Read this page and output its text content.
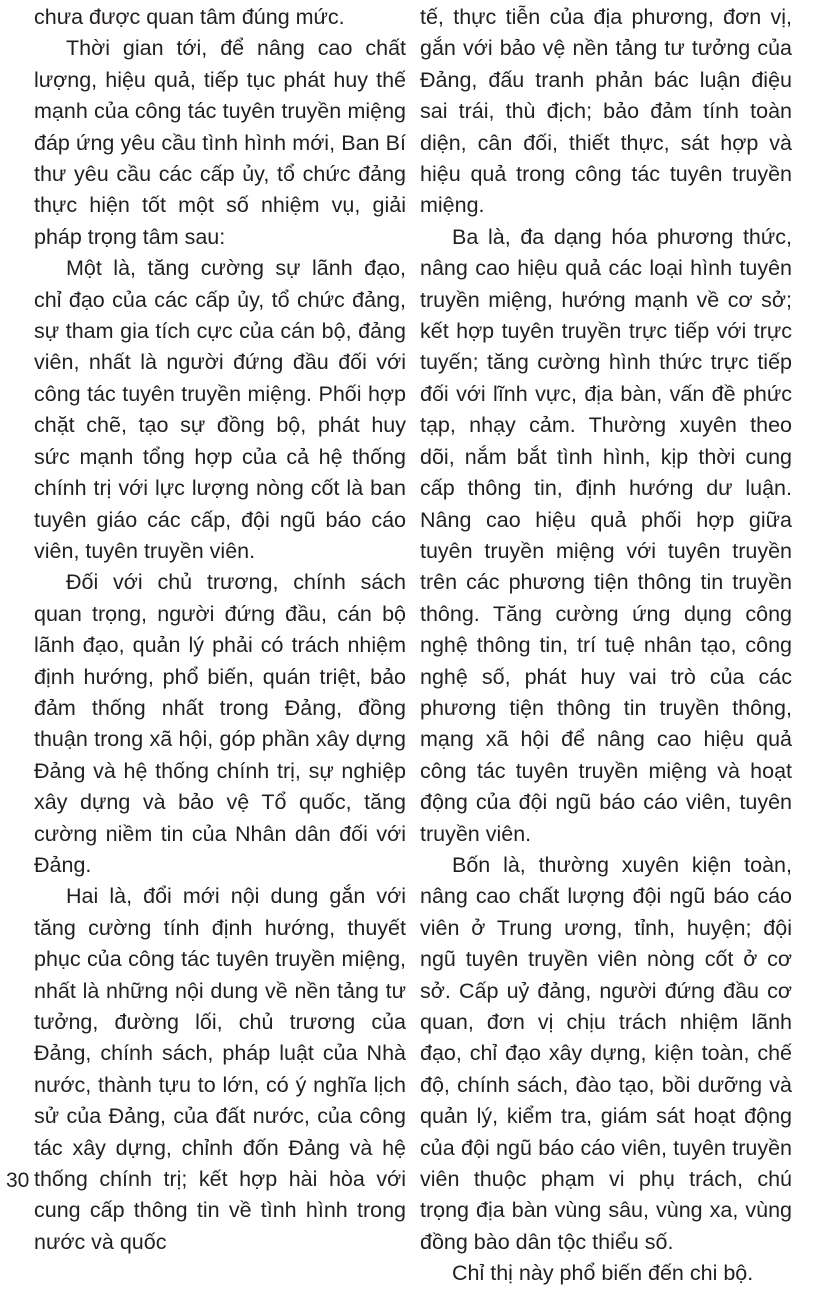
chưa được quan tâm đúng mức.

Thời gian tới, để nâng cao chất lượng, hiệu quả, tiếp tục phát huy thế mạnh của công tác tuyên truyền miệng đáp ứng yêu cầu tình hình mới, Ban Bí thư yêu cầu các cấp ủy, tổ chức đảng thực hiện tốt một số nhiệm vụ, giải pháp trọng tâm sau:

Một là, tăng cường sự lãnh đạo, chỉ đạo của các cấp ủy, tổ chức đảng, sự tham gia tích cực của cán bộ, đảng viên, nhất là người đứng đầu đối với công tác tuyên truyền miệng. Phối hợp chặt chẽ, tạo sự đồng bộ, phát huy sức mạnh tổng hợp của cả hệ thống chính trị với lực lượng nòng cốt là ban tuyên giáo các cấp, đội ngũ báo cáo viên, tuyên truyền viên.

Đối với chủ trương, chính sách quan trọng, người đứng đầu, cán bộ lãnh đạo, quản lý phải có trách nhiệm định hướng, phổ biến, quán triệt, bảo đảm thống nhất trong Đảng, đồng thuận trong xã hội, góp phần xây dựng Đảng và hệ thống chính trị, sự nghiệp xây dựng và bảo vệ Tổ quốc, tăng cường niềm tin của Nhân dân đối với Đảng.

Hai là, đổi mới nội dung gắn với tăng cường tính định hướng, thuyết phục của công tác tuyên truyền miệng, nhất là những nội dung về nền tảng tư tưởng, đường lối, chủ trương của Đảng, chính sách, pháp luật của Nhà nước, thành tựu to lớn, có ý nghĩa lịch sử của Đảng, của đất nước, của công tác xây dựng, chỉnh đốn Đảng và hệ thống chính trị; kết hợp hài hòa với cung cấp thông tin về tình hình trong nước và quốc

tế, thực tiễn của địa phương, đơn vị, gắn với bảo vệ nền tảng tư tưởng của Đảng, đấu tranh phản bác luận điệu sai trái, thù địch; bảo đảm tính toàn diện, cân đối, thiết thực, sát hợp và hiệu quả trong công tác tuyên truyền miệng.

Ba là, đa dạng hóa phương thức, nâng cao hiệu quả các loại hình tuyên truyền miệng, hướng mạnh về cơ sở; kết hợp tuyên truyền trực tiếp với trực tuyến; tăng cường hình thức trực tiếp đối với lĩnh vực, địa bàn, vấn đề phức tạp, nhạy cảm. Thường xuyên theo dõi, nắm bắt tình hình, kịp thời cung cấp thông tin, định hướng dư luận. Nâng cao hiệu quả phối hợp giữa tuyên truyền miệng với tuyên truyền trên các phương tiện thông tin truyền thông. Tăng cường ứng dụng công nghệ thông tin, trí tuệ nhân tạo, công nghệ số, phát huy vai trò của các phương tiện thông tin truyền thông, mạng xã hội để nâng cao hiệu quả công tác tuyên truyền miệng và hoạt động của đội ngũ báo cáo viên, tuyên truyền viên.

Bốn là, thường xuyên kiện toàn, nâng cao chất lượng đội ngũ báo cáo viên ở Trung ương, tỉnh, huyện; đội ngũ tuyên truyền viên nòng cốt ở cơ sở. Cấp uỷ đảng, người đứng đầu cơ quan, đơn vị chịu trách nhiệm lãnh đạo, chỉ đạo xây dựng, kiện toàn, chế độ, chính sách, đào tạo, bồi dưỡng và quản lý, kiểm tra, giám sát hoạt động của đội ngũ báo cáo viên, tuyên truyền viên thuộc phạm vi phụ trách, chú trọng địa bàn vùng sâu, vùng xa, vùng đồng bào dân tộc thiểu số.

Chỉ thị này phổ biến đến chi bộ.

30
